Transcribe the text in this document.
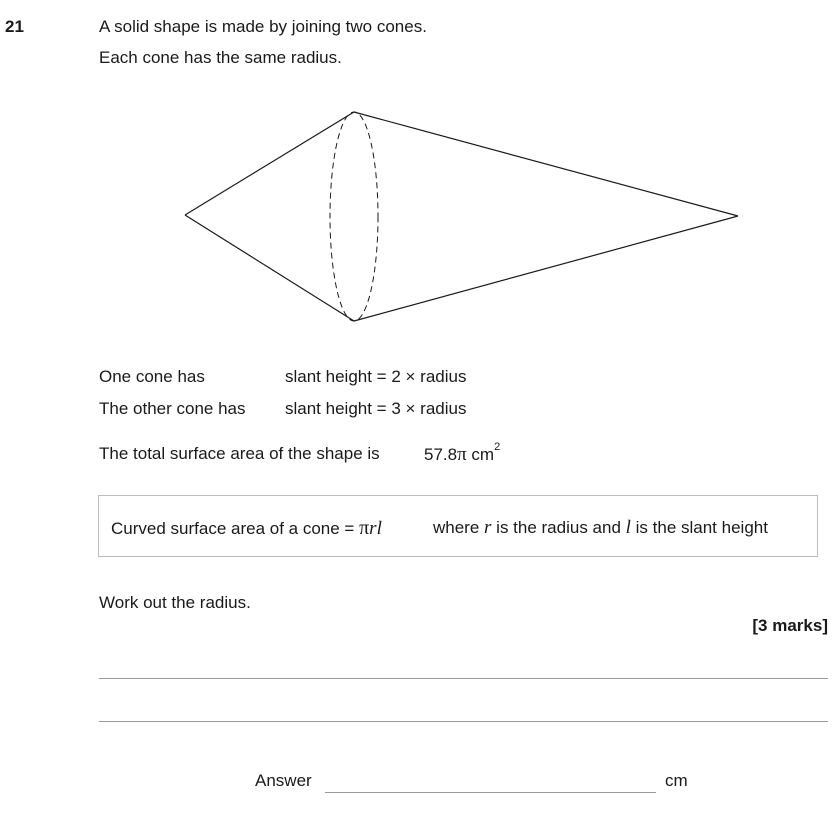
21	A solid shape is made by joining two cones.
Each cone has the same radius.
One cone has	slant height = 2 × radius
The other cone has slant height = 3 × radius
The total surface area of the shape is	57.8π $cm^2$
Curved surface area of a cone = πrl	where r is the radius and l is the slant height
Work out the radius.
[3 marks]
Answer	cm
